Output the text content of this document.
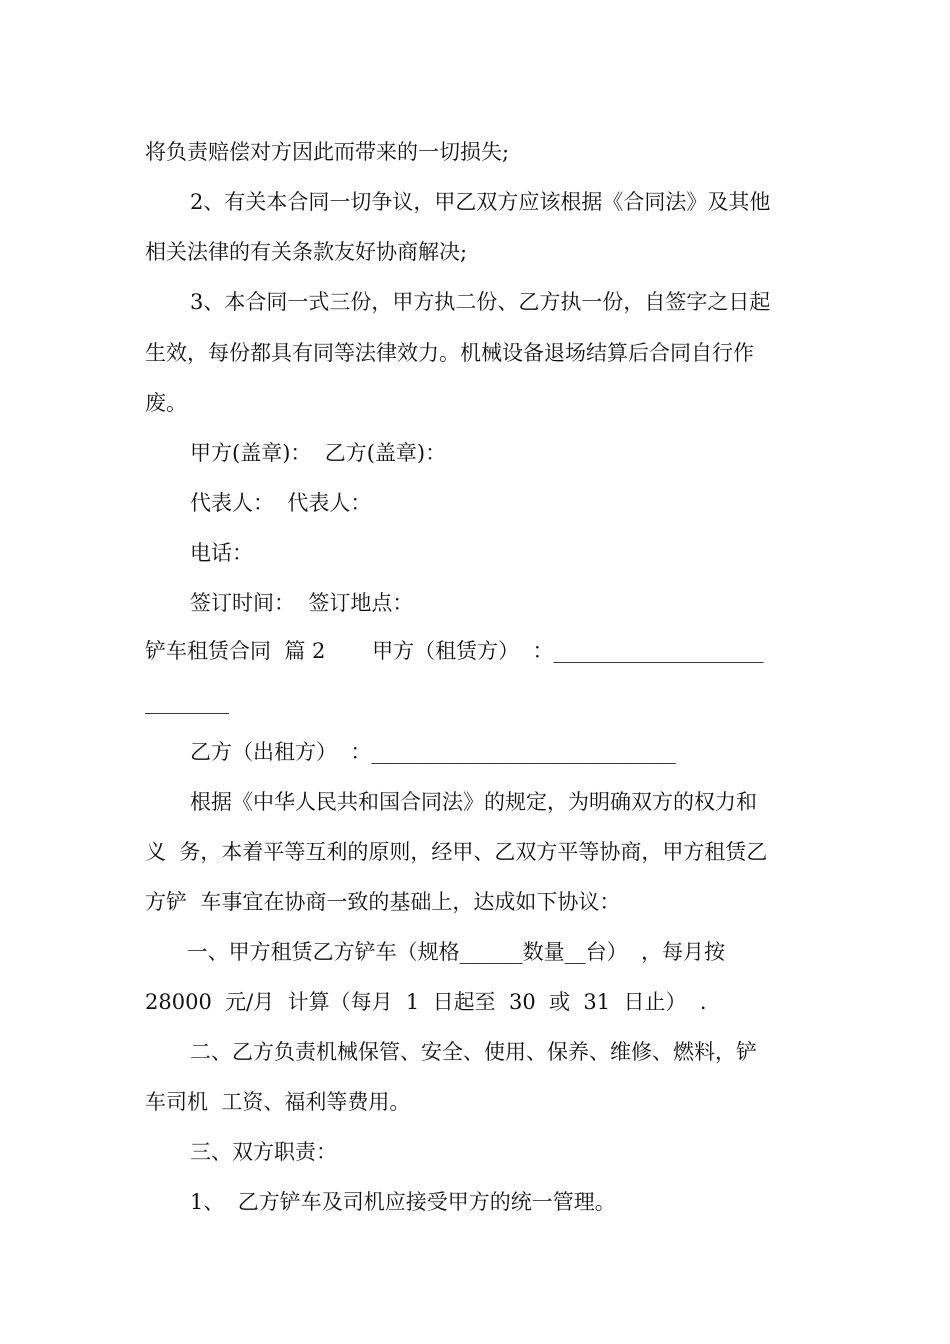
将负责赔偿对方因此而带来的一切损失;
2、有关本合同一切争议，甲乙双方应该根据《合同法》及其他
相关法律的有关条款友好协商解决;
3、本合同一式三份，甲方执二份、乙方执一份，自签字之日起
生效，每份都具有同等法律效力。机械设备退场结算后合同自行作
废。
甲方(盖章)：  乙方(盖章)：
代表人：  代表人：
电话：
签订时间：  签订地点：
铲车租赁合同  篇 2       甲方（租赁方）  ：____________________
________
乙方（出租方）  ：_____________________________
根据《中华人民共和国合同法》的规定，为明确双方的权力和
义  务，本着平等互利的原则，经甲、乙双方平等协商，甲方租赁乙
方铲  车事宜在协商一致的基础上，达成如下协议：
一、甲方租赁乙方铲车（规格______数量__台）  ，每月按
28000  元/月  计算（每月  1  日起至  30  或  31  日止）  .
二、乙方负责机械保管、安全、使用、保养、维修、燃料，铲
车司机  工资、福利等费用。
三、双方职责：
1、  乙方铲车及司机应接受甲方的统一管理。
